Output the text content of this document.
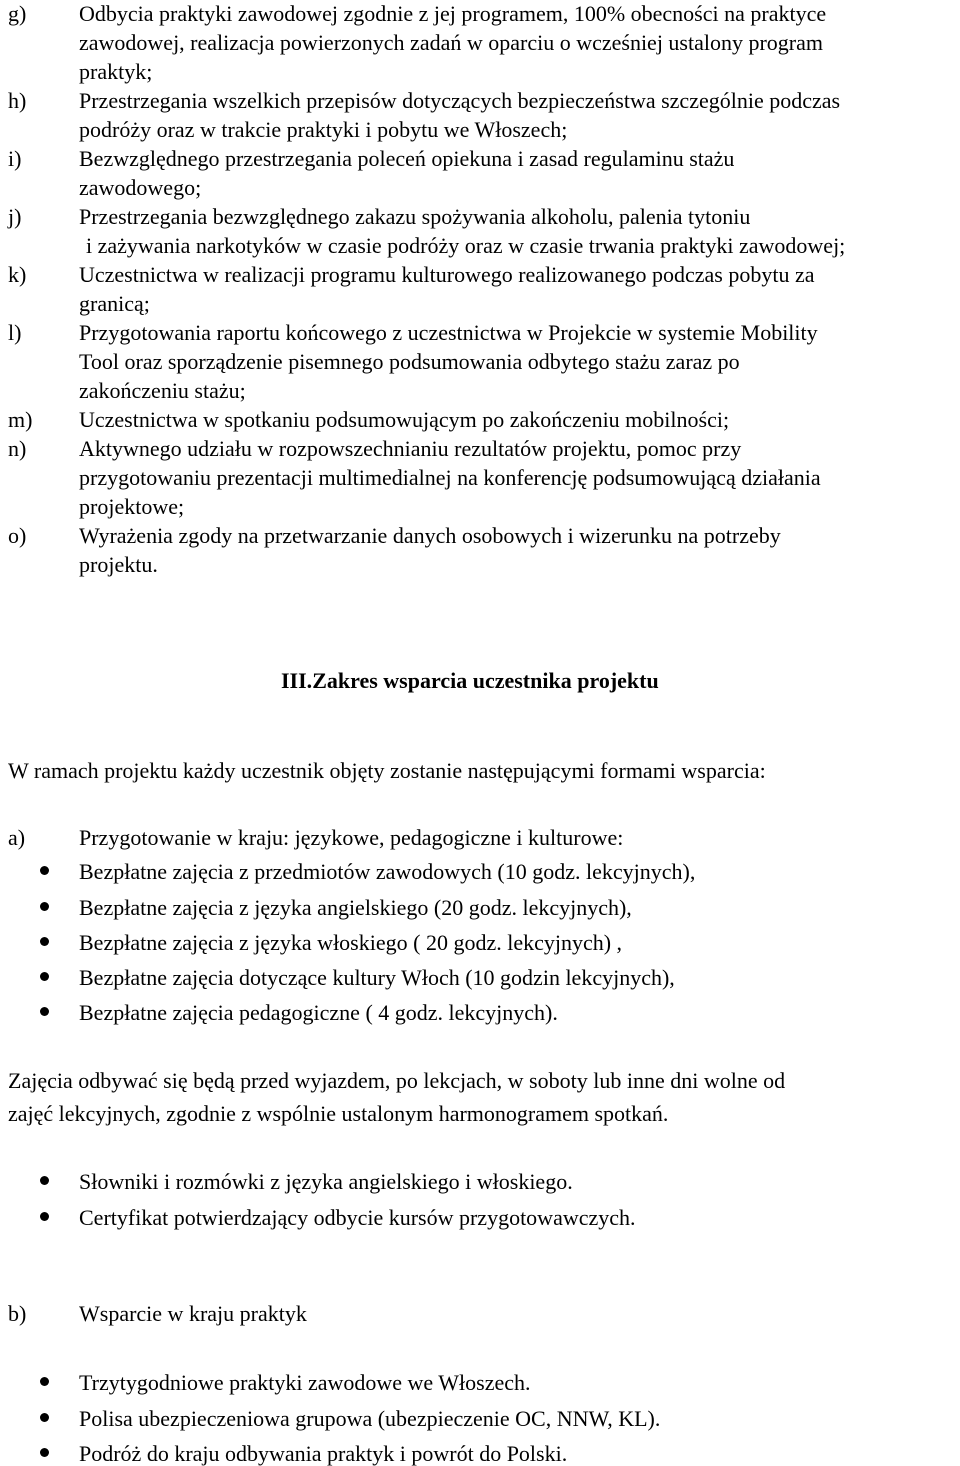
g) Odbycia praktyki zawodowej zgodnie z jej programem, 100% obecności na praktyce
zawodowej, realizacja powierzonych zadań w oparciu o wcześniej ustalony program
praktyk;
h) Przestrzegania wszelkich przepisów dotyczących bezpieczeństwa szczególnie podczas
podróży oraz w trakcie praktyki i pobytu we Włoszech;
i)	Bezwzględnego przestrzegania poleceń opiekuna i zasad regulaminu stażu
zawodowego;
j)	Przestrzegania bezwzględnego zakazu spożywania alkoholu, palenia tytoniu
i zażywania narkotyków w czasie podróży oraz w czasie trwania praktyki zawodowej;
k) Uczestnictwa w realizacji programu kulturowego realizowanego podczas pobytu za
granicą;
l)	Przygotowania raportu końcowego z uczestnictwa w Projekcie w systemie Mobility
Tool oraz sporządzenie pisemnego podsumowania odbytego stażu zaraz po
zakończeniu stażu;
m) Uczestnictwa w spotkaniu podsumowującym po zakończeniu mobilności;
n) Aktywnego udziału w rozpowszechnianiu rezultatów projektu, pomoc przy
przygotowaniu prezentacji multimedialnej na konferencję podsumowującą działania
projektowe;
o) Wyrażenia zgody na przetwarzanie danych osobowych i wizerunku na potrzeby
projektu.
III.Zakres wsparcia uczestnika projektu
W ramach projektu każdy uczestnik objęty zostanie następującymi formami wsparcia:
a) Przygotowanie w kraju: językowe, pedagogiczne i kulturowe:
Bezpłatne zajęcia z przedmiotów zawodowych (10 godz. lekcyjnych),
Bezpłatne zajęcia z języka angielskiego (20 godz. lekcyjnych),
Bezpłatne zajęcia z języka włoskiego ( 20 godz. lekcyjnych) ,
Bezpłatne zajęcia dotyczące kultury Włoch (10 godzin lekcyjnych),
Bezpłatne zajęcia pedagogiczne ( 4 godz. lekcyjnych).
Zajęcia odbywać się będą przed wyjazdem, po lekcjach, w soboty lub inne dni wolne od
zajęć lekcyjnych, zgodnie z wspólnie ustalonym harmonogramem spotkań.
Słowniki i rozmówki z języka angielskiego i włoskiego.
Certyfikat potwierdzający odbycie kursów przygotowawczych.
b) Wsparcie w kraju praktyk
Trzytygodniowe praktyki zawodowe we Włoszech.
Polisa ubezpieczeniowa grupowa (ubezpieczenie OC, NNW, KL).
Podróż do kraju odbywania praktyk i powrót do Polski.
